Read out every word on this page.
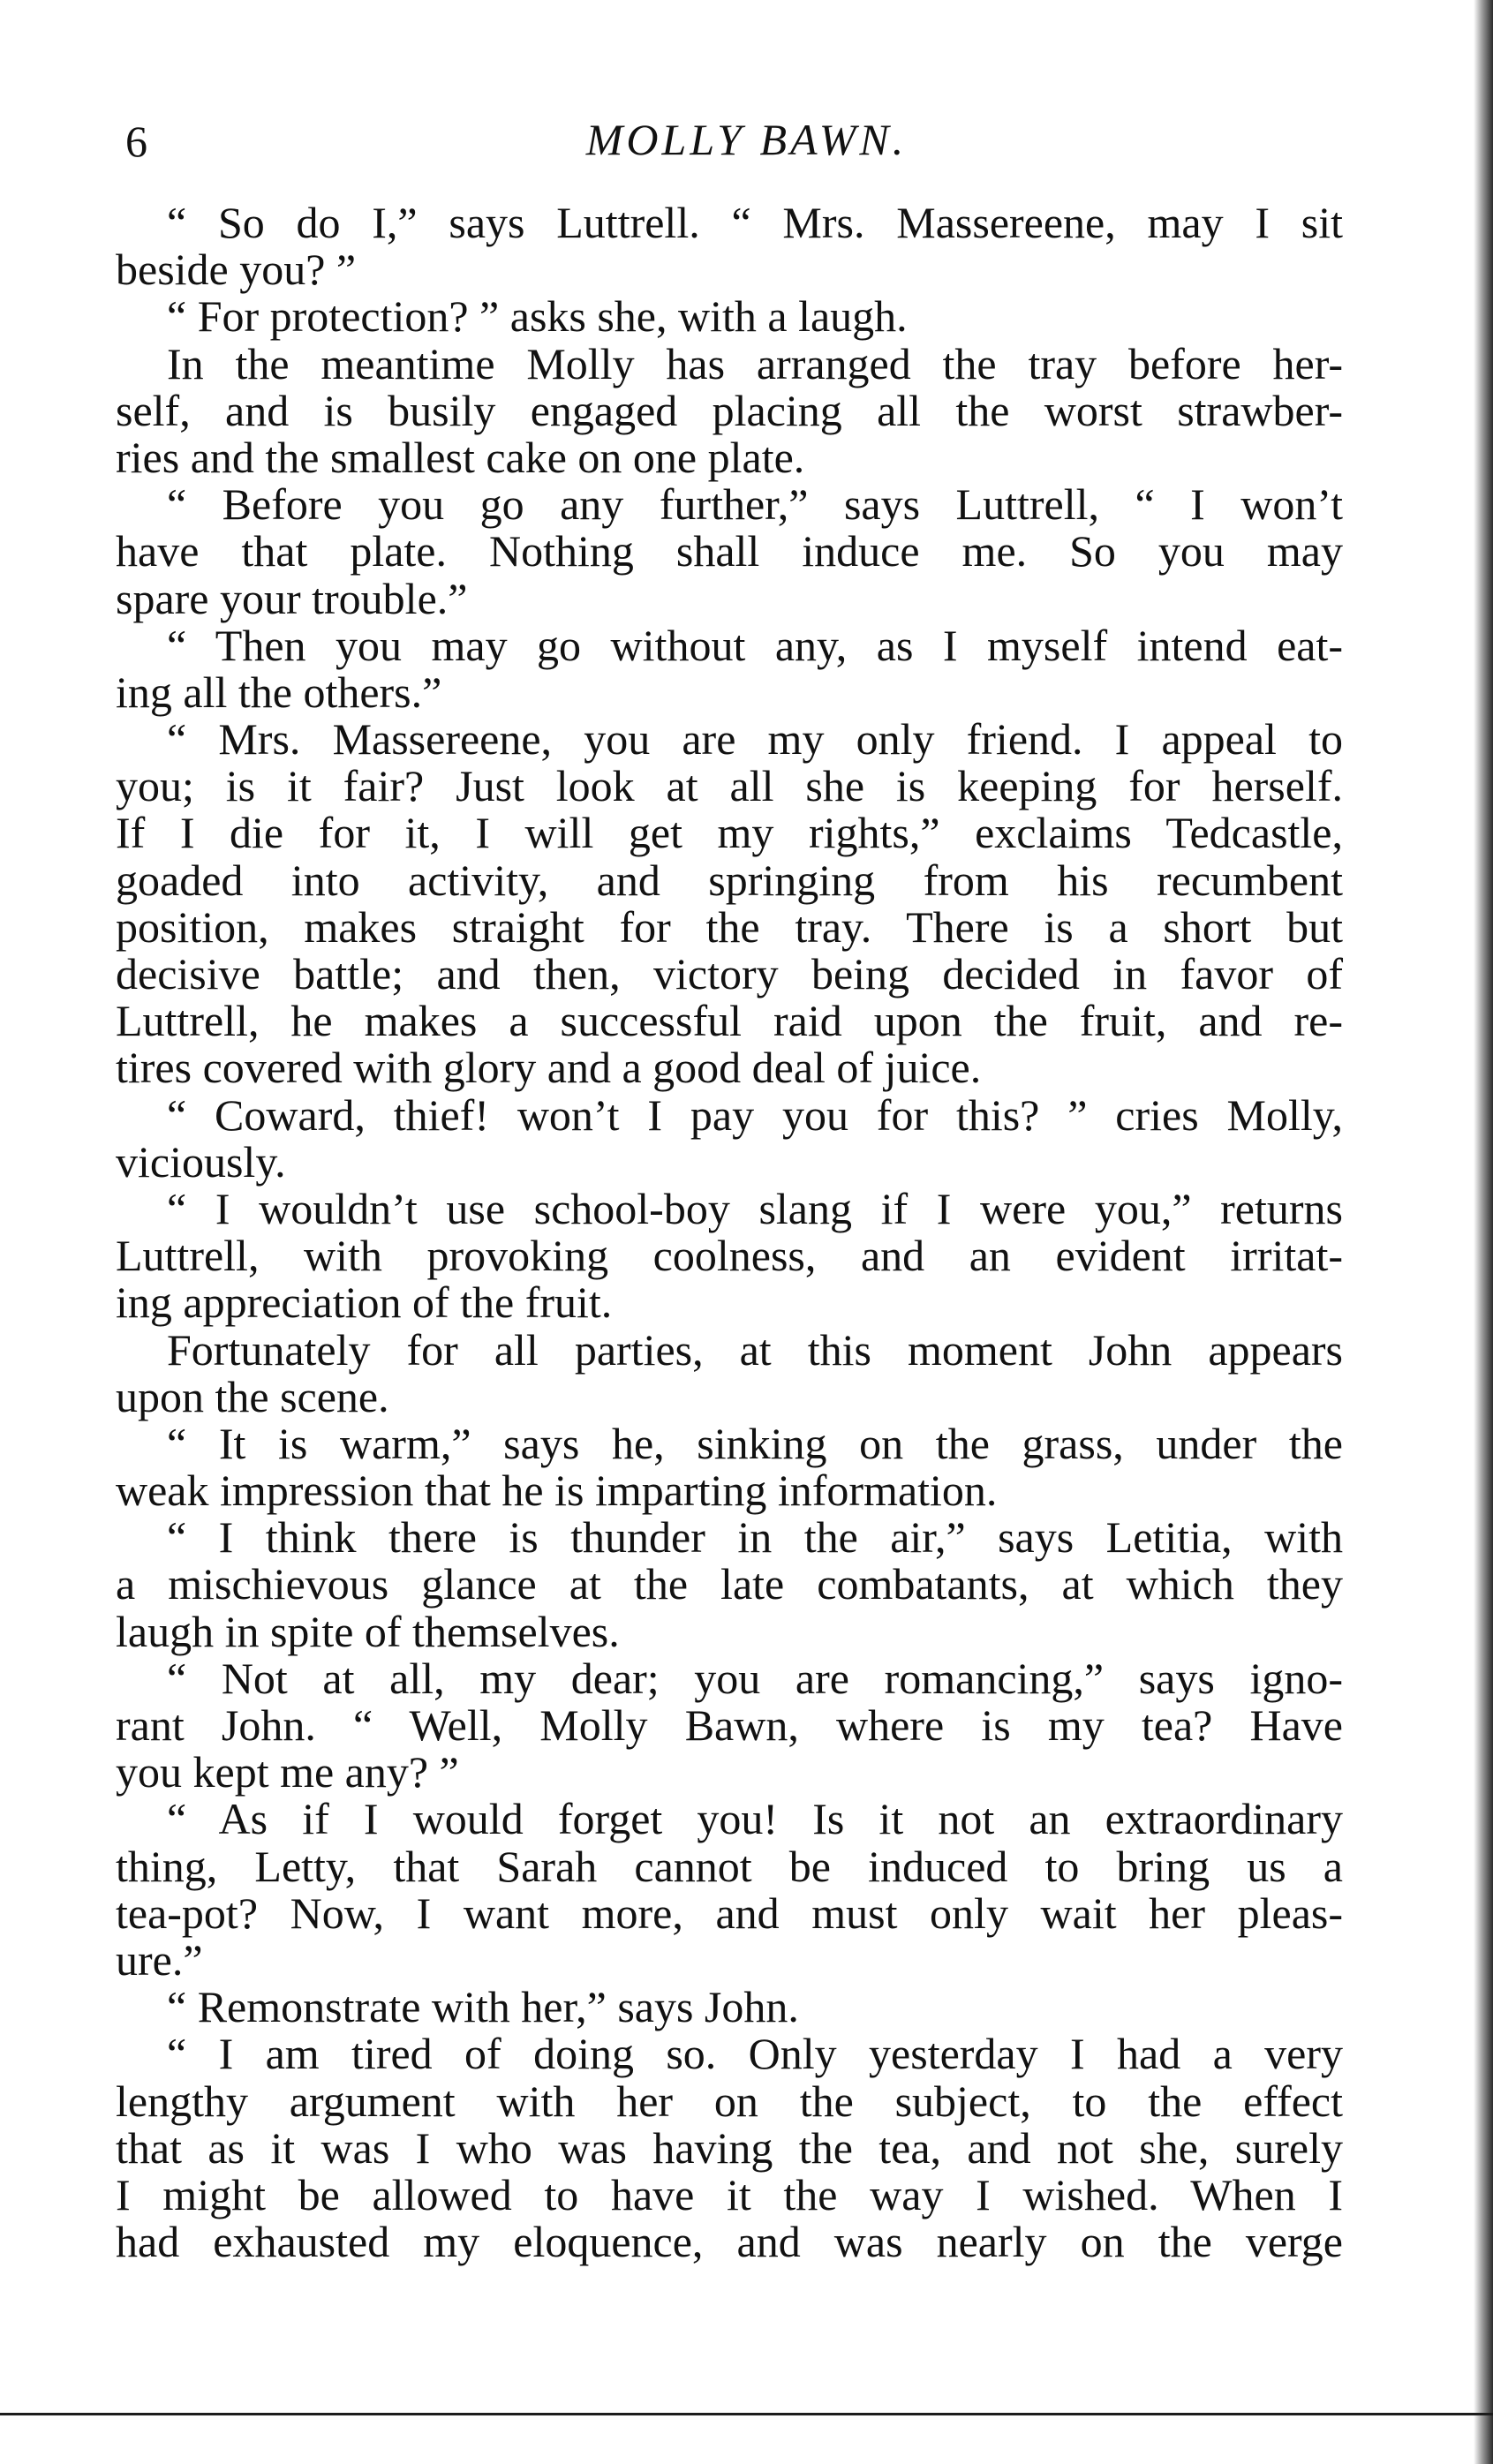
6	MOLLY BAWN.
“ So do I,” says Luttrell. “ Mrs. Massereene, may I sit
beside you? ”
“ For protection? ” asks she, with a laugh.
In the meantime Molly has arranged the tray before her-
self, and is busily engaged placing all the worst strawber-
ries and the smallest cake on one plate.
“ Before you go any further,” says Luttrell, “ I won’t
have that plate. Nothing shall induce me. So you may
spare your trouble.”
“ Then you may go without any, as I myself intend eat-
ing all the others.”
“ Mrs. Massereene, you are my only friend. I appeal to
you; is it fair? Just look at all she is keeping for herself.
If I die for it, I will get my rights,” exclaims Tedcastle,
goaded into activity, and springing from his recumbent
position, makes straight for the tray. There is a short but
decisive battle; and then, victory being decided in favor of
Luttrell, he makes a successful raid upon the fruit, and re-
tires covered with glory and a good deal of juice.
“ Coward, thief! won’t I pay you for this? ” cries Molly,
viciously.
“ I wouldn’t use school-boy slang if I were you,” returns
Luttrell, with provoking coolness, and an evident irritat-
ing appreciation of the fruit.
Fortunately for all parties, at this moment John appears
upon the scene.
“ It is warm,” says he, sinking on the grass, under the
weak impression that he is imparting information.
“ I think there is thunder in the air,” says Letitia, with
a mischievous glance at the late combatants, at which they
laugh in spite of themselves.
“ Not at all, my dear; you are romancing,” says igno-
rant John. “ Well, Molly Bawn, where is my tea? Have
you kept me any? ”
“ As if I would forget you! Is it not an extraordinary
thing, Letty, that Sarah cannot be induced to bring us a
tea-pot? Now, I want more, and must only wait her pleas-
ure.”
“ Remonstrate with her,” says John.
“ I am tired of doing so. Only yesterday I had a very
lengthy argument with her on the subject, to the effect
that as it was I who was having the tea, and not she, surely
I might be allowed to have it the way I wished. When I
had exhausted my eloquence, and was nearly on the verge
